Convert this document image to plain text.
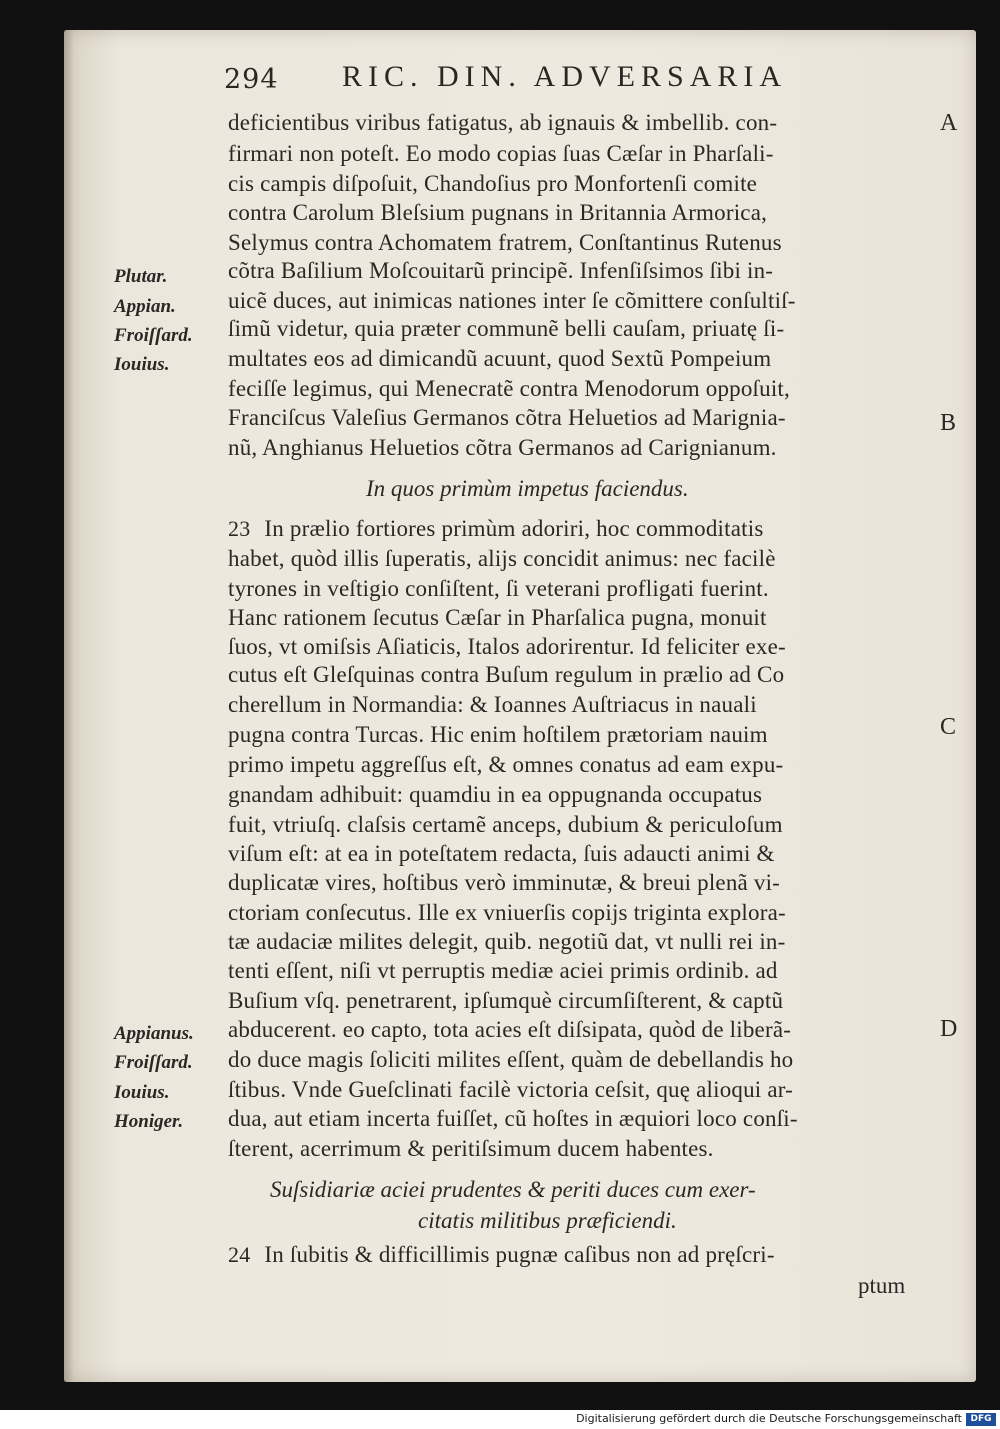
294 RIC. DIN. ADVERSARIA
deficientibus viribus fatigatus, ab ignauis & imbellib. con-
firmari non poteſt. Eo modo copias ſuas Cæſar in Pharſali-
cis campis diſpoſuit, Chandoſius pro Monfortenſi comite
contra Carolum Bleſsium pugnans in Britannia Armorica,
Selymus contra Achomatem fratrem, Conſtantinus Rutenus
cõtra Baſilium Moſcouitarũ principẽ. Infenſiſsimos ſibi in-
uicẽ duces, aut inimicas nationes inter ſe cõmittere conſultiſ-
ſimũ videtur, quia præter communẽ belli cauſam, priuatę ſi-
multates eos ad dimicandũ acuunt, quod Sextũ Pompeium
feciſſe legimus, qui Menecratẽ contra Menodorum oppoſuit,
Franciſcus Valeſius Germanos cõtra Heluetios ad Marignia-
nũ, Anghianus Heluetios cõtra Germanos ad Carignianum.
In quos primùm impetus faciendus.
23 In prælio fortiores primùm adoriri, hoc commoditatis
habet, quòd illis ſuperatis, alijs concidit animus: nec facilè
tyrones in veſtigio conſiſtent, ſi veterani profligati fuerint.
Hanc rationem ſecutus Cæſar in Pharſalica pugna, monuit
ſuos, vt omiſsis Aſiaticis, Italos adorirentur. Id feliciter exe-
cutus eſt Gleſquinas contra Buſum regulum in prælio ad Co
cherellum in Normandia: & Ioannes Auſtriacus in nauali
pugna contra Turcas. Hic enim hoſtilem prætoriam nauim
primo impetu aggreſſus eſt, & omnes conatus ad eam expu-
gnandam adhibuit: quamdiu in ea oppugnanda occupatus
fuit, vtriuſq. claſsis certamẽ anceps, dubium & periculoſum
viſum eſt: at ea in poteſtatem redacta, ſuis adaucti animi &
duplicatæ vires, hoſtibus verò imminutæ, & breui plenã vi-
ctoriam conſecutus. Ille ex vniuerſis copijs triginta explora-
tæ audaciæ milites delegit, quib. negotiũ dat, vt nulli rei in-
tenti eſſent, niſi vt perruptis mediæ aciei primis ordinib. ad
Buſium vſq. penetrarent, ipſumquè circumſiſterent, & captũ
abducerent. eo capto, tota acies eſt diſsipata, quòd de liberã-
do duce magis ſoliciti milites eſſent, quàm de debellandis ho
ſtibus. Vnde Gueſclinati facilè victoria ceſsit, quę alioqui ar-
dua, aut etiam incerta fuiſſet, cũ hoſtes in æquiori loco conſi-
ſterent, acerrimum & peritiſsimum ducem habentes.
Suſsidiariæ aciei prudentes & periti duces cum exer-
citatis militibus præficiendi.
24 In ſubitis & difficillimis pugnæ caſibus non ad pręſcri-
ptum
Plutar.
Appian.
Froiſſard.
Iouius.
Appianus.
Froiſſard.
Iouius.
Honiger.
A
B
C
D
Digitalisierung gefördert durch die Deutsche Forschungsgemeinschaft DFG
